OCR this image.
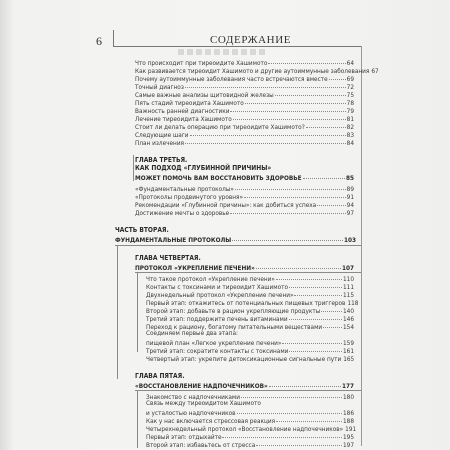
6	СОДЕРЖАНИЕ
Что происходит при тиреоидите Хашимото	64
Как развивается тиреоидит Хашимото и другие аутоиммунные заболевания 67
Почему аутоиммунные заболевания часто встречаются вместе	69
Точный диагноз	72
Самые важные анализы щитовидной железы	75
Пять стадий тиреоидита Хашимото	78
Важность ранней диагностики	79
Лечение тиреоидита Хашимото	81
Стоит ли делать операцию при тиреоидите Хашимото?	82
Следующие шаги	83
План излечения	84
ГЛАВА ТРЕТЬЯ.
КАК ПОДХОД «ГЛУБИННОЙ ПРИЧИНЫ»
МОЖЕТ ПОМОЧЬ ВАМ ВОССТАНОВИТЬ ЗДОРОВЬЕ	85
«Фундаментальные протоколы»	89
«Протоколы продвинутого уровня»	91
Рекомендации «Глубинной причины»: как добиться успеха	94
Достижение мечты о здоровье	97
ЧАСТЬ ВТОРАЯ.
ФУНДАМЕНТАЛЬНЫЕ ПРОТОКОЛЫ	103
ГЛАВА ЧЕТВЕРТАЯ.
ПРОТОКОЛ «УКРЕПЛЕНИЕ ПЕЧЕНИ»	107
Что такое протокол «Укрепление печени»	110
Контакты с токсинами и тиреоидит Хашимото	111
Двухнедельный протокол «Укрепление печени»	115
Первый этап: откажитесь от потенциальных пищевых триггеров 118
Второй этап: добавьте в рацион укрепляющие продукты	140
Третий этап: поддержите печень витаминами	146
Переход к рациону, богатому питательными веществами	154
Соединяем первые два этапа:
пищевой план «Легкое укрепление печени»	159
Третий этап: сократите контакты с токсинами	161
Четвертый этап: укрепите детоксикационные сигнальные пути 165
ГЛАВА ПЯТАЯ.
«ВОССТАНОВЛЕНИЕ НАДПОЧЕЧНИКОВ»	177
Знакомство с надпочечниками	180
Связь между тиреоидитом Хашимото
и усталостью надпочечников	186
Как у нас включается стрессовая реакция	188
Четырехнедельный протокол «Восстановление надпочечников» 191
Первый этап: отдыхайте	195
Второй этап: избавьтесь от стресса	197
